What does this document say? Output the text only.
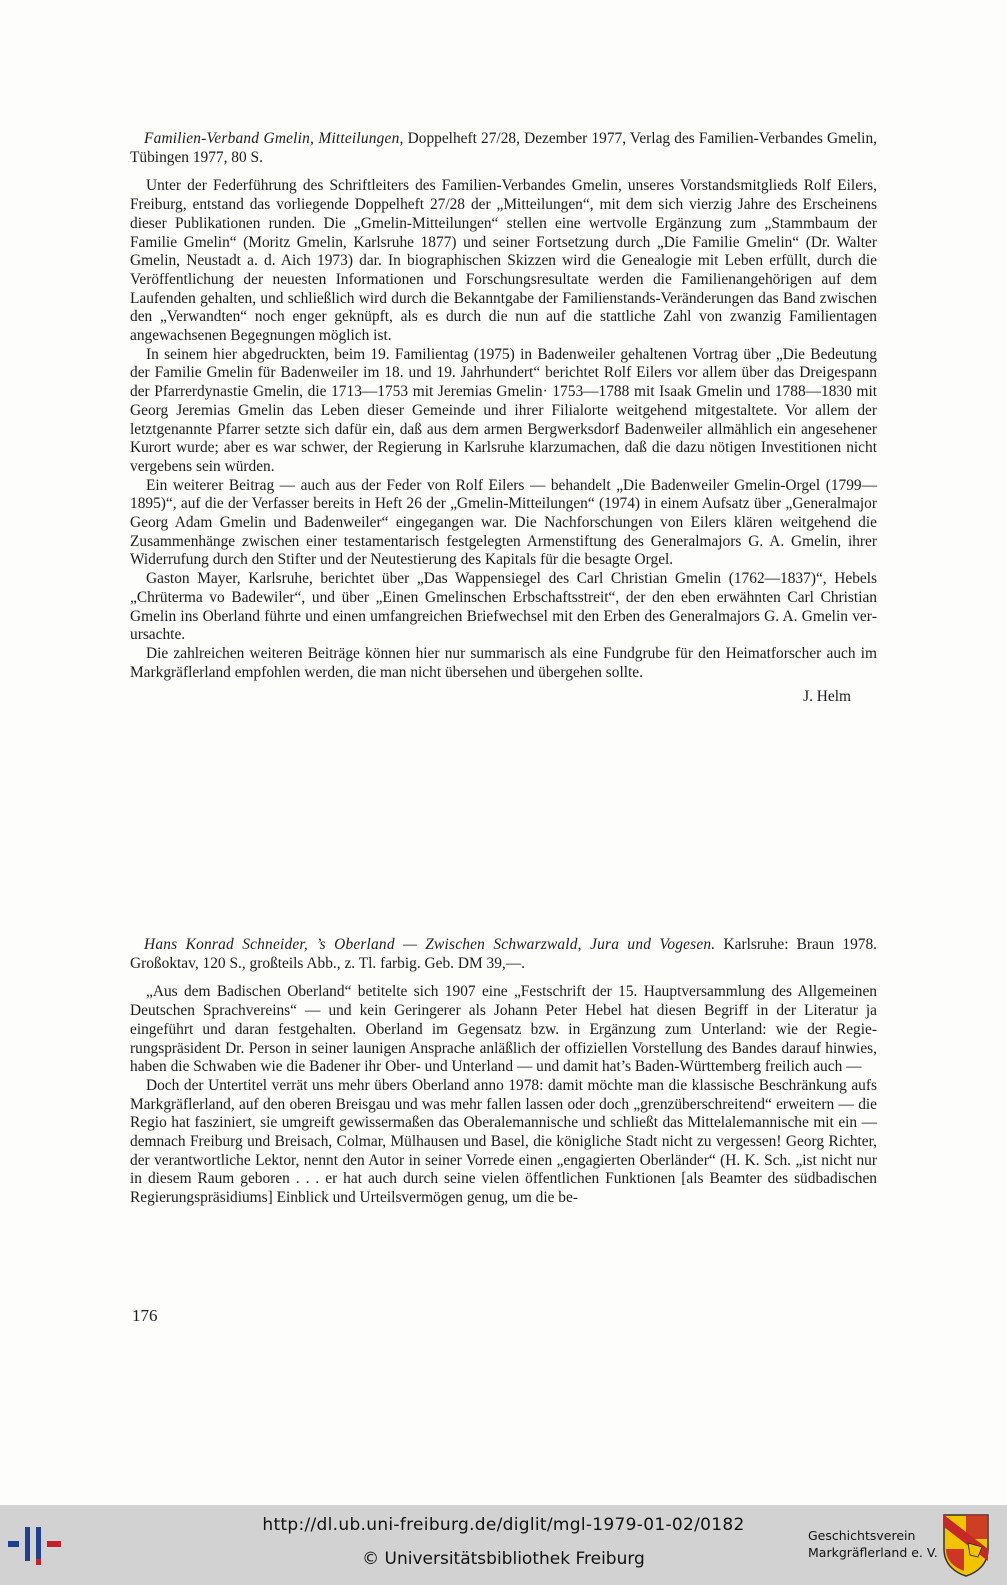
Familien-Verband Gmelin, Mitteilungen, Doppelheft 27/28, Dezember 1977, Verlag des Familien-Verbandes Gmelin, Tübingen 1977, 80 S.

Unter der Federführung des Schriftleiters des Familien-Verbandes Gmelin, unseres Vorstandsmitglieds Rolf Eilers, Freiburg, entstand das vorliegende Doppelheft 27/28 der „Mitteilungen“, mit dem sich vierzig Jahre des Erscheinens dieser Publikationen runden. Die „Gmelin-Mitteilungen“ stellen eine wertvolle Ergänzung zum „Stammbaum der Familie Gmelin“ (Moritz Gmelin, Karlsruhe 1877) und seiner Fortsetzung durch „Die Familie Gmelin“ (Dr. Walter Gmelin, Neustadt a. d. Aich 1973) dar. In biographischen Skizzen wird die Genealogie mit Leben erfüllt, durch die Veröffentlichung der neuesten Informationen und Forschungsresultate werden die Familienangehörigen auf dem Laufenden gehalten, und schließlich wird durch die Bekanntgabe der Familienstands-Veränderungen das Band zwischen den „Verwandten“ noch enger geknüpft, als es durch die nun auf die stattliche Zahl von zwanzig Familientagen angewachsenen Begegnungen möglich ist.

In seinem hier abgedruckten, beim 19. Familientag (1975) in Badenweiler gehaltenen Vortrag über „Die Bedeutung der Familie Gmelin für Badenweiler im 18. und 19. Jahrhundert“ berichtet Rolf Eilers vor allem über das Dreigespann der Pfarrerdynastie Gmelin, die 1713—1753 mit Jeremias Gmelin· 1753—1788 mit Isaak Gmelin und 1788—1830 mit Georg Jeremias Gmelin das Leben dieser Gemeinde und ihrer Filialorte weitgehend mitgestaltete. Vor allem der letztgenannte Pfarrer setzte sich dafür ein, daß aus dem armen Bergwerksdorf Badenweiler allmählich ein angesehener Kurort wurde; aber es war schwer, der Regierung in Karlsruhe klarzumachen, daß die dazu nötigen Investitionen nicht vergebens sein würden.

Ein weiterer Beitrag — auch aus der Feder von Rolf Eilers — behandelt „Die Badenweiler Gmelin-Orgel (1799—1895)“, auf die der Verfasser bereits in Heft 26 der „Gmelin-Mitteilungen“ (1974) in einem Aufsatz über „Generalmajor Georg Adam Gmelin und Badenweiler“ eingegangen war. Die Nachforschungen von Eilers klären weitgehend die Zusammenhänge zwischen einer testamentarisch festgelegten Armenstiftung des Generalmajors G. A. Gmelin, ihrer Widerrufung durch den Stifter und der Neutestierung des Kapitals für die besagte Orgel.

Gaston Mayer, Karlsruhe, berichtet über „Das Wappensiegel des Carl Christian Gmelin (1762—1837)“, Hebels „Chrüterma vo Badewiler“, und über „Einen Gmelinschen Erbschaftsstreit“, der den eben erwähnten Carl Christian Gmelin ins Oberland führte und einen umfangreichen Briefwechsel mit den Erben des Generalmajors G. A. Gmelin verursachte.

Die zahlreichen weiteren Beiträge können hier nur summarisch als eine Fundgrube für den Heimatforscher auch im Markgräflerland empfohlen werden, die man nicht übersehen und übergehen sollte.

J. Helm

Hans Konrad Schneider, ’s Oberland — Zwischen Schwarzwald, Jura und Vogesen. Karlsruhe: Braun 1978. Großoktav, 120 S., großteils Abb., z. Tl. farbig. Geb. DM 39,—.

„Aus dem Badischen Oberland“ betitelte sich 1907 eine „Festschrift der 15. Hauptversammlung des Allgemeinen Deutschen Sprachvereins“ — und kein Geringerer als Johann Peter Hebel hat diesen Begriff in der Literatur ja eingeführt und daran festgehalten. Oberland im Gegensatz bzw. in Ergänzung zum Unterland: wie der Regierungspräsident Dr. Person in seiner launigen Ansprache anläßlich der offiziellen Vorstellung des Bandes darauf hinwies, haben die Schwaben wie die Badener ihr Ober- und Unterland — und damit hat’s Baden-Württemberg freilich auch —

Doch der Untertitel verrät uns mehr übers Oberland anno 1978: damit möchte man die klassische Beschränkung aufs Markgräflerland, auf den oberen Breisgau und was mehr fallen lassen oder doch „grenzüberschreitend“ erweitern — die Regio hat fasziniert, sie umgreift gewissermaßen das Oberalemannische und schließt das Mittelalemannische mit ein — demnach Freiburg und Breisach, Colmar, Mülhausen und Basel, die königliche Stadt nicht zu vergessen! Georg Richter, der verantwortliche Lektor, nennt den Autor in seiner Vorrede einen „engagierten Oberländer“ (H. K. Sch. „ist nicht nur in diesem Raum geboren . . . er hat auch durch seine vielen öffentlichen Funktionen [als Beamter des südbadischen Regierungspräsidiums] Einblick und Urteilsvermögen genug, um die be-

176
http://dl.ub.uni-freiburg.de/diglit/mgl-1979-01-02/0182
© Universitätsbibliothek Freiburg
Geschichtsverein
Markgräflerland e. V.
